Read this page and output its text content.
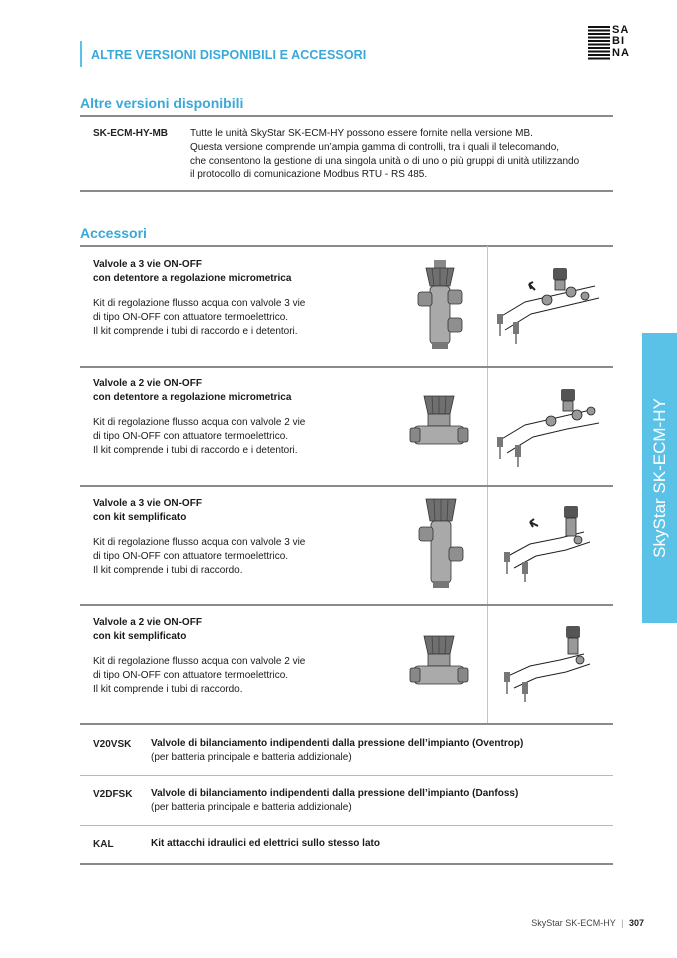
ALTRE VERSIONI DISPONIBILI E ACCESSORI
SA
BI
NA
Altre versioni disponibili
SK-ECM-HY-MB Tutte le unità SkyStar SK-ECM-HY possono essere fornite nella versione MB.
Questa versione comprende un’ampia gamma di controlli, tra i quali il telecomando,
che consentono la gestione di una singola unità o di uno o più gruppi di unità utilizzando
il protocollo di comunicazione Modbus RTU - RS 485.
Accessori
Valvole a 3 vie ON-OFF
con detentore a regolazione micrometrica
Kit di regolazione flusso acqua con valvole 3 vie
di tipo ON-OFF con attuatore termoelettrico.
Il kit comprende i tubi di raccordo e i detentori.
Valvole a 2 vie ON-OFF
con detentore a regolazione micrometrica
Kit di regolazione flusso acqua con valvole 2 vie
di tipo ON-OFF con attuatore termoelettrico.
Il kit comprende i tubi di raccordo e i detentori.
Valvole a 3 vie ON-OFF
con kit semplificato
Kit di regolazione flusso acqua con valvole 3 vie
di tipo ON-OFF con attuatore termoelettrico.
Il kit comprende i tubi di raccordo.
Valvole a 2 vie ON-OFF
con kit semplificato
Kit di regolazione flusso acqua con valvole 2 vie
di tipo ON-OFF con attuatore termoelettrico.
Il kit comprende i tubi di raccordo.
V20VSK Valvole di bilanciamento indipendenti dalla pressione dell’impianto (Oventrop)
(per batteria principale e batteria addizionale)
V2DFSK Valvole di bilanciamento indipendenti dalla pressione dell’impianto (Danfoss)
(per batteria principale e batteria addizionale)
KAL	Kit attacchi idraulici ed elettrici sullo stesso lato
SkyStar SK-ECM-HY
SkyStar SK-ECM-HY | 307
